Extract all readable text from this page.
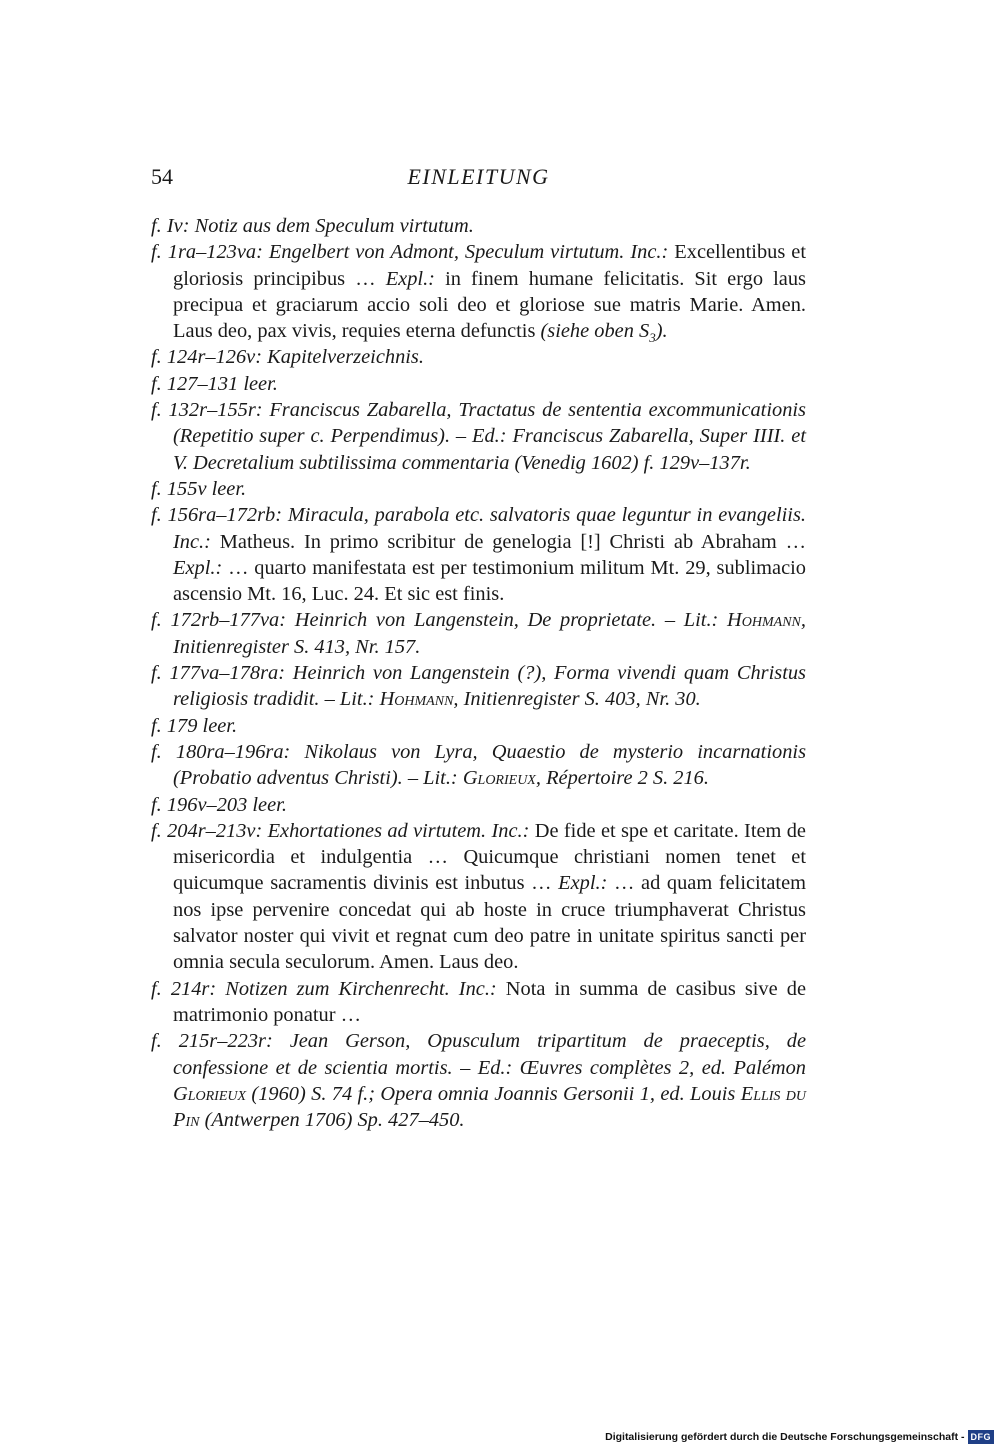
54	EINLEITUNG

f. Iv: Notiz aus dem Speculum virtutum.

f. 1ra–123va: Engelbert von Admont, Speculum virtutum. Inc.: Excellentibus et gloriosis principibus … Expl.: in finem humane felicitatis. Sit ergo laus precipua et graciarum accio soli deo et gloriose sue matris Marie. Amen. Laus deo, pax vivis, requies eterna defunctis (siehe oben $S_3$).

f. 124r–126v: Kapitelverzeichnis.

f. 127–131 leer.

f. 132r–155r: Franciscus Zabarella, Tractatus de sententia excommunicationis (Repetitio super c. Perpendimus). – Ed.: Franciscus Zabarella, Super IIII. et V. Decretalium subtilissima commentaria (Venedig 1602) f. 129v–137r.

f. 155v leer.

f. 156ra–172rb: Miracula, parabola etc. salvatoris quae leguntur in evangeliis. Inc.: Matheus. In primo scribitur de genelogia [!] Christi ab Abraham … Expl.: … quarto manifestata est per testimonium militum Mt. 29, sublimacio ascensio Mt. 16, Luc. 24. Et sic est finis.

f. 172rb–177va: Heinrich von Langenstein, De proprietate. – Lit.: Hohmann, Initienregister S. 413, Nr. 157.

f. 177va–178ra: Heinrich von Langenstein (?), Forma vivendi quam Christus religiosis tradidit. – Lit.: Hohmann, Initienregister S. 403, Nr. 30.

f. 179 leer.

f. 180ra–196ra: Nikolaus von Lyra, Quaestio de mysterio incarnationis (Probatio adventus Christi). – Lit.: Glorieux, Répertoire 2 S. 216.

f. 196v–203 leer.

f. 204r–213v: Exhortationes ad virtutem. Inc.: De fide et spe et caritate. Item de misericordia et indulgentia … Quicumque christiani nomen tenet et quicumque sacramentis divinis est inbutus … Expl.: … ad quam felicitatem nos ipse pervenire concedat qui ab hoste in cruce triumphaverat Christus salvator noster qui vivit et regnat cum deo patre in unitate spiritus sancti per omnia secula seculorum. Amen. Laus deo.

f. 214r: Notizen zum Kirchenrecht. Inc.: Nota in summa de casibus sive de matrimonio ponatur …

f. 215r–223r: Jean Gerson, Opusculum tripartitum de praeceptis, de confessione et de scientia mortis. – Ed.: Œuvres complètes 2, ed. Palémon Glorieux (1960) S. 74 f.; Opera omnia Joannis Gersonii 1, ed. Louis Ellis du Pin (Antwerpen 1706) Sp. 427–450.

Digitalisierung gefördert durch die Deutsche Forschungsgemeinschaft - DFG
